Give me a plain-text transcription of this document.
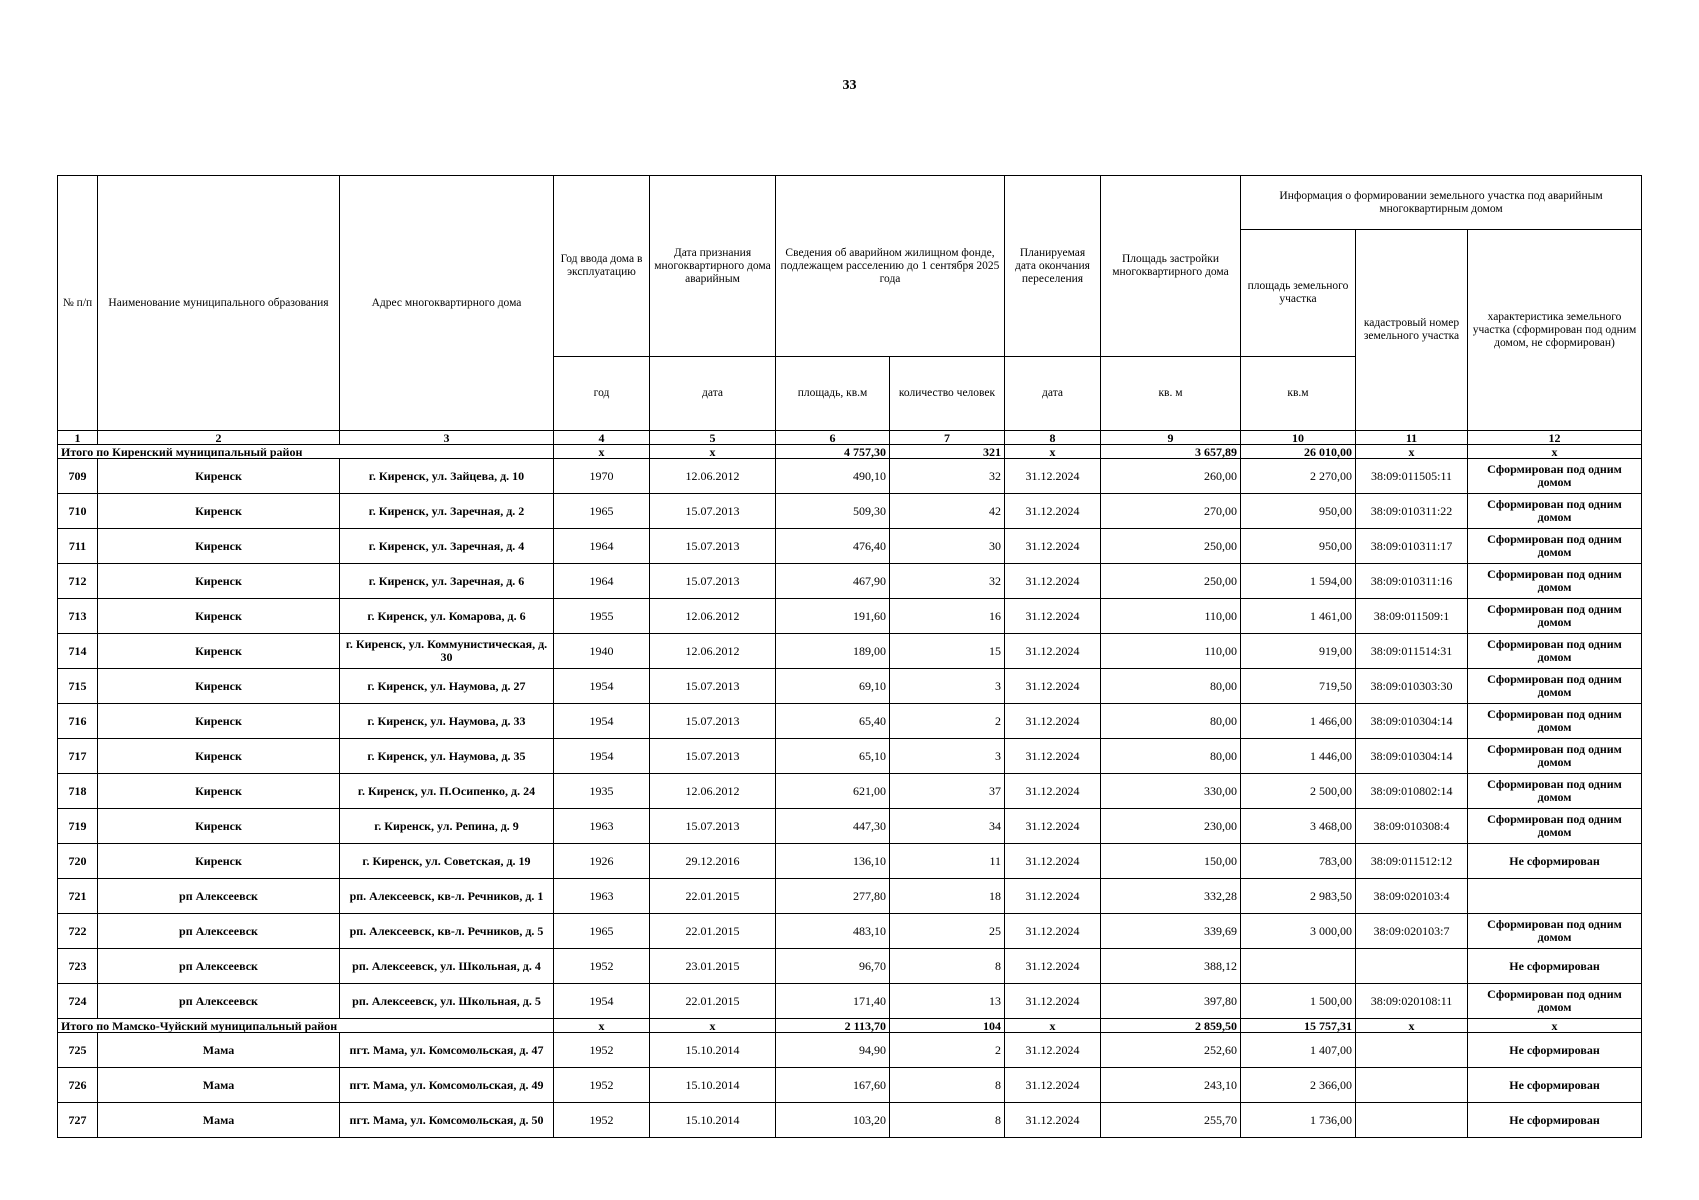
33
№ п/п	Наименование муниципального образования	Адрес многоквартирного дома	Год ввода дома в эксплуатацию	Дата признания многоквартирного дома аварийным	Сведения об аварийном жилищном фонде, подлежащем расселению до 1 сентября 2025 года		Планируемая дата окончания переселения	Площадь застройки многоквартирного дома	Информация о формировании земельного участка под аварийным многоквартирным домом		
									площадь земельного участка	кадастровый номер земельного участка	характеристика земельного участка (сформирован под одним домом, не сформирован)
			год	дата	площадь, кв.м	количество человек	дата	кв. м	кв.м		
1	2	3	4	5	6	7	8	9	10	11	12
Итого по Киренский муниципальный район			х	х	4 757,30	321	х	3 657,89	26 010,00	х	х
709	Киренск	г. Киренск, ул. Зайцева, д. 10	1970	12.06.2012	490,10	32	31.12.2024	260,00	2 270,00	38:09:011505:11	Сформирован под одним домом
710	Киренск	г. Киренск, ул. Заречная, д. 2	1965	15.07.2013	509,30	42	31.12.2024	270,00	950,00	38:09:010311:22	Сформирован под одним домом
711	Киренск	г. Киренск, ул. Заречная, д. 4	1964	15.07.2013	476,40	30	31.12.2024	250,00	950,00	38:09:010311:17	Сформирован под одним домом
712	Киренск	г. Киренск, ул. Заречная, д. 6	1964	15.07.2013	467,90	32	31.12.2024	250,00	1 594,00	38:09:010311:16	Сформирован под одним домом
713	Киренск	г. Киренск, ул. Комарова, д. 6	1955	12.06.2012	191,60	16	31.12.2024	110,00	1 461,00	38:09:011509:1	Сформирован под одним домом
714	Киренск	г. Киренск, ул. Коммунистическая, д. 30	1940	12.06.2012	189,00	15	31.12.2024	110,00	919,00	38:09:011514:31	Сформирован под одним домом
715	Киренск	г. Киренск, ул. Наумова, д. 27	1954	15.07.2013	69,10	3	31.12.2024	80,00	719,50	38:09:010303:30	Сформирован под одним домом
716	Киренск	г. Киренск, ул. Наумова, д. 33	1954	15.07.2013	65,40	2	31.12.2024	80,00	1 466,00	38:09:010304:14	Сформирован под одним домом
717	Киренск	г. Киренск, ул. Наумова, д. 35	1954	15.07.2013	65,10	3	31.12.2024	80,00	1 446,00	38:09:010304:14	Сформирован под одним домом
718	Киренск	г. Киренск, ул. П.Осипенко, д. 24	1935	12.06.2012	621,00	37	31.12.2024	330,00	2 500,00	38:09:010802:14	Сформирован под одним домом
719	Киренск	г. Киренск, ул. Репина, д. 9	1963	15.07.2013	447,30	34	31.12.2024	230,00	3 468,00	38:09:010308:4	Сформирован под одним домом
720	Киренск	г. Киренск, ул. Советская, д. 19	1926	29.12.2016	136,10	11	31.12.2024	150,00	783,00	38:09:011512:12	Не сформирован
721	рп Алексеевск	рп. Алексеевск, кв-л. Речников, д. 1	1963	22.01.2015	277,80	18	31.12.2024	332,28	2 983,50	38:09:020103:4	
722	рп Алексеевск	рп. Алексеевск, кв-л. Речников, д. 5	1965	22.01.2015	483,10	25	31.12.2024	339,69	3 000,00	38:09:020103:7	Сформирован под одним домом
723	рп Алексеевск	рп. Алексеевск, ул. Школьная, д. 4	1952	23.01.2015	96,70	8	31.12.2024	388,12			Не сформирован
724	рп Алексеевск	рп. Алексеевск, ул. Школьная, д. 5	1954	22.01.2015	171,40	13	31.12.2024	397,80	1 500,00	38:09:020108:11	Сформирован под одним домом
Итого по Мамско-Чуйский муниципальный район			х	х	2 113,70	104	х	2 859,50	15 757,31	х	х
725	Мама	пгт. Мама, ул. Комсомольская, д. 47	1952	15.10.2014	94,90	2	31.12.2024	252,60	1 407,00		Не сформирован
726	Мама	пгт. Мама, ул. Комсомольская, д. 49	1952	15.10.2014	167,60	8	31.12.2024	243,10	2 366,00		Не сформирован
727	Мама	пгт. Мама, ул. Комсомольская, д. 50	1952	15.10.2014	103,20	8	31.12.2024	255,70	1 736,00		Не сформирован
